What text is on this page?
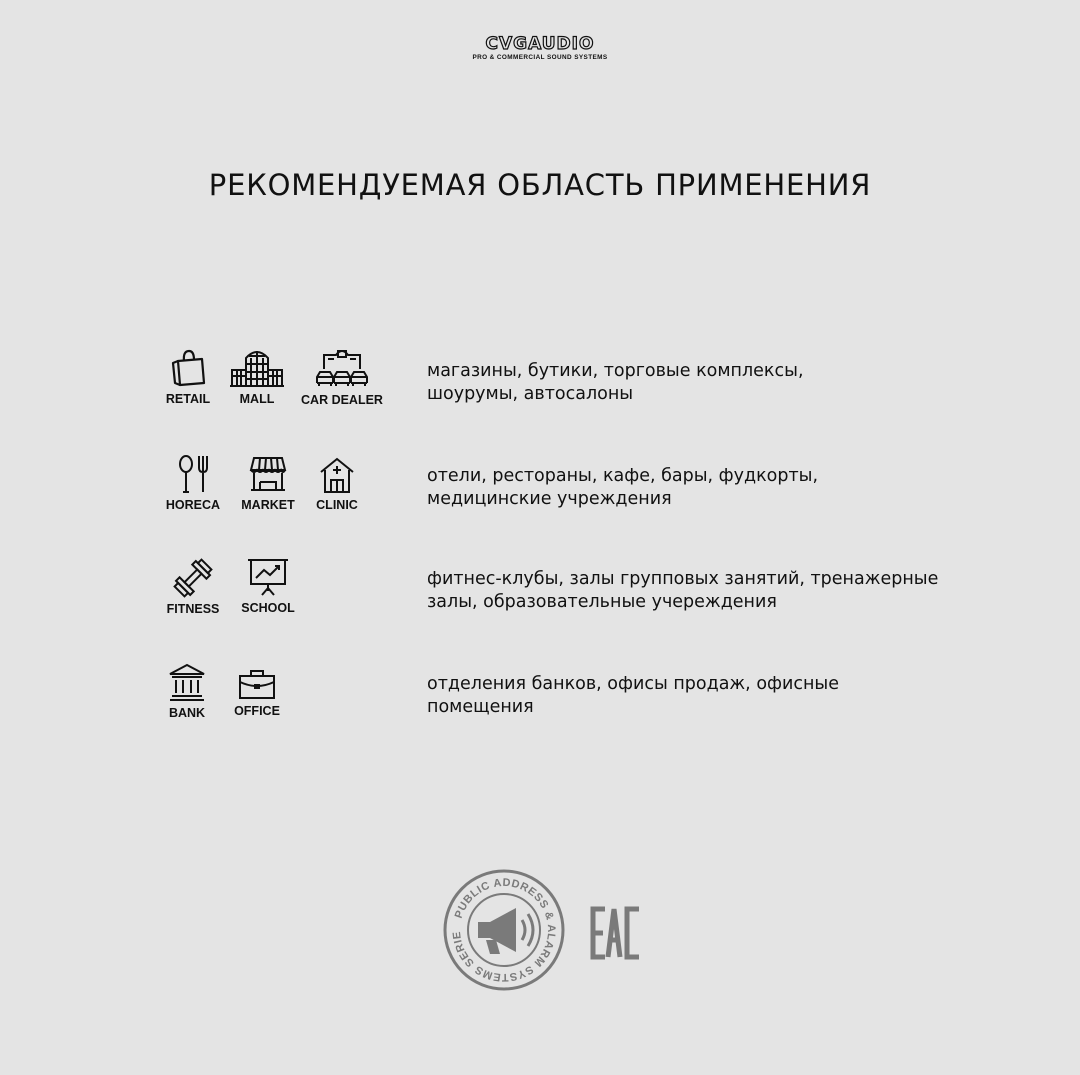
CVGAUDIO
PRO & COMMERCIAL SOUND SYSTEMS
РЕКОМЕНДУЕМАЯ ОБЛАСТЬ ПРИМЕНЕНИЯ
RETAIL MALL CAR DEALER
магазины, бутики, торговые комплексы,
шоурумы, автосалоны
HORECA MARKET CLINIC
отели, рестораны, кафе, бары, фудкорты,
медицинские учреждения
FITNESS SCHOOL
фитнес-клубы, залы групповых занятий, тренажерные
залы, образовательные учереждения
BANK OFFICE
отделения банков, офисы продаж, офисные
помещения
PUBLIC ADDRESS & ALARM SYSTEMS SERIE
